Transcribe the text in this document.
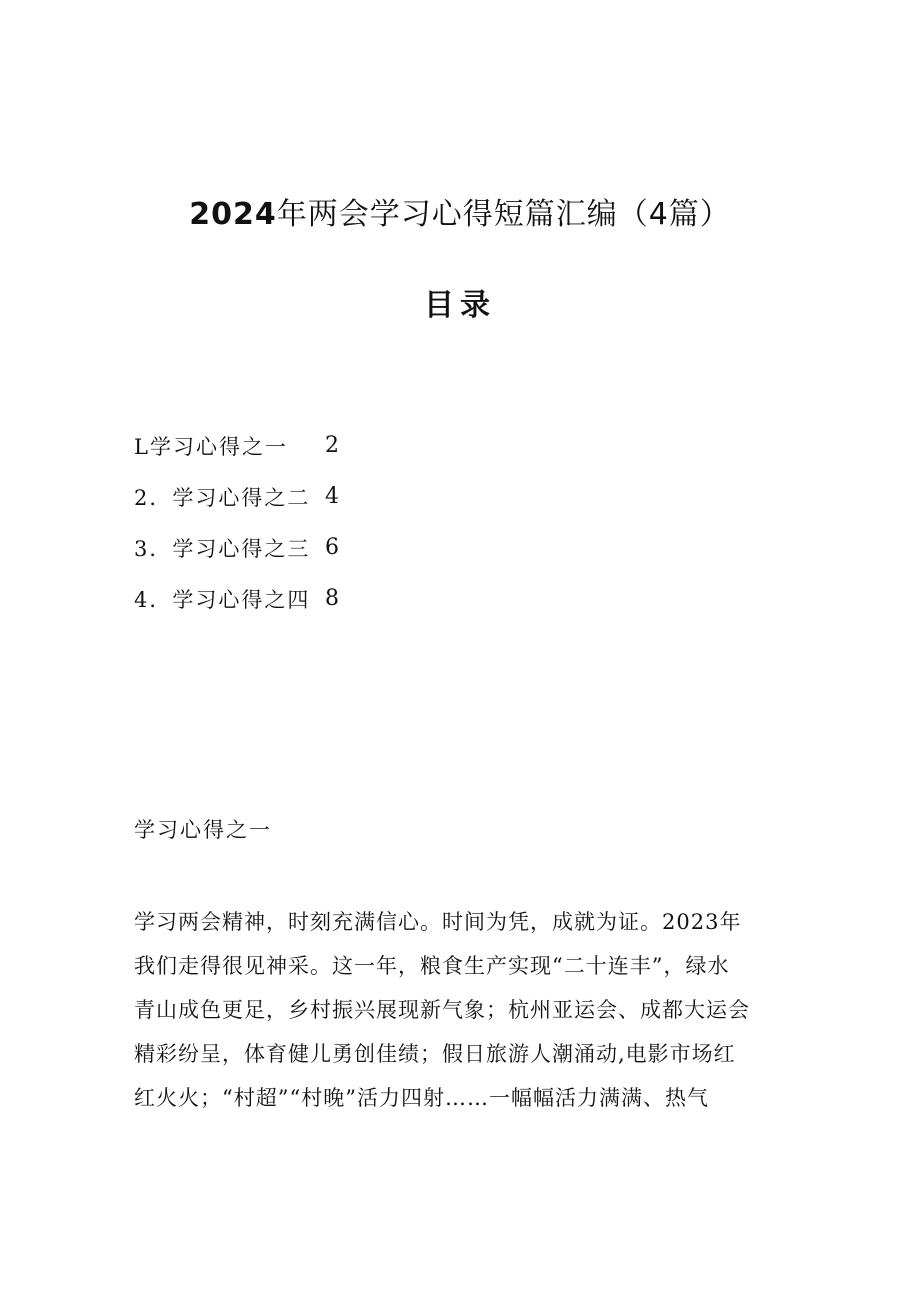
2024年两会学习心得短篇汇编（4篇）
目录
L学习心得之一	2
2．学习心得之二 4
3．学习心得之三 6
4．学习心得之四 8
学习心得之一
学习两会精神，时刻充满信心。时间为凭，成就为证。2023年
我们走得很见神采。这一年，粮食生产实现“二十连丰”，绿水
青山成色更足，乡村振兴展现新气象；杭州亚运会、成都大运会
精彩纷呈，体育健儿勇创佳绩；假日旅游人潮涌动,电影市场红
红火火；“村超”“村晚”活力四射……一幅幅活力满满、热气
